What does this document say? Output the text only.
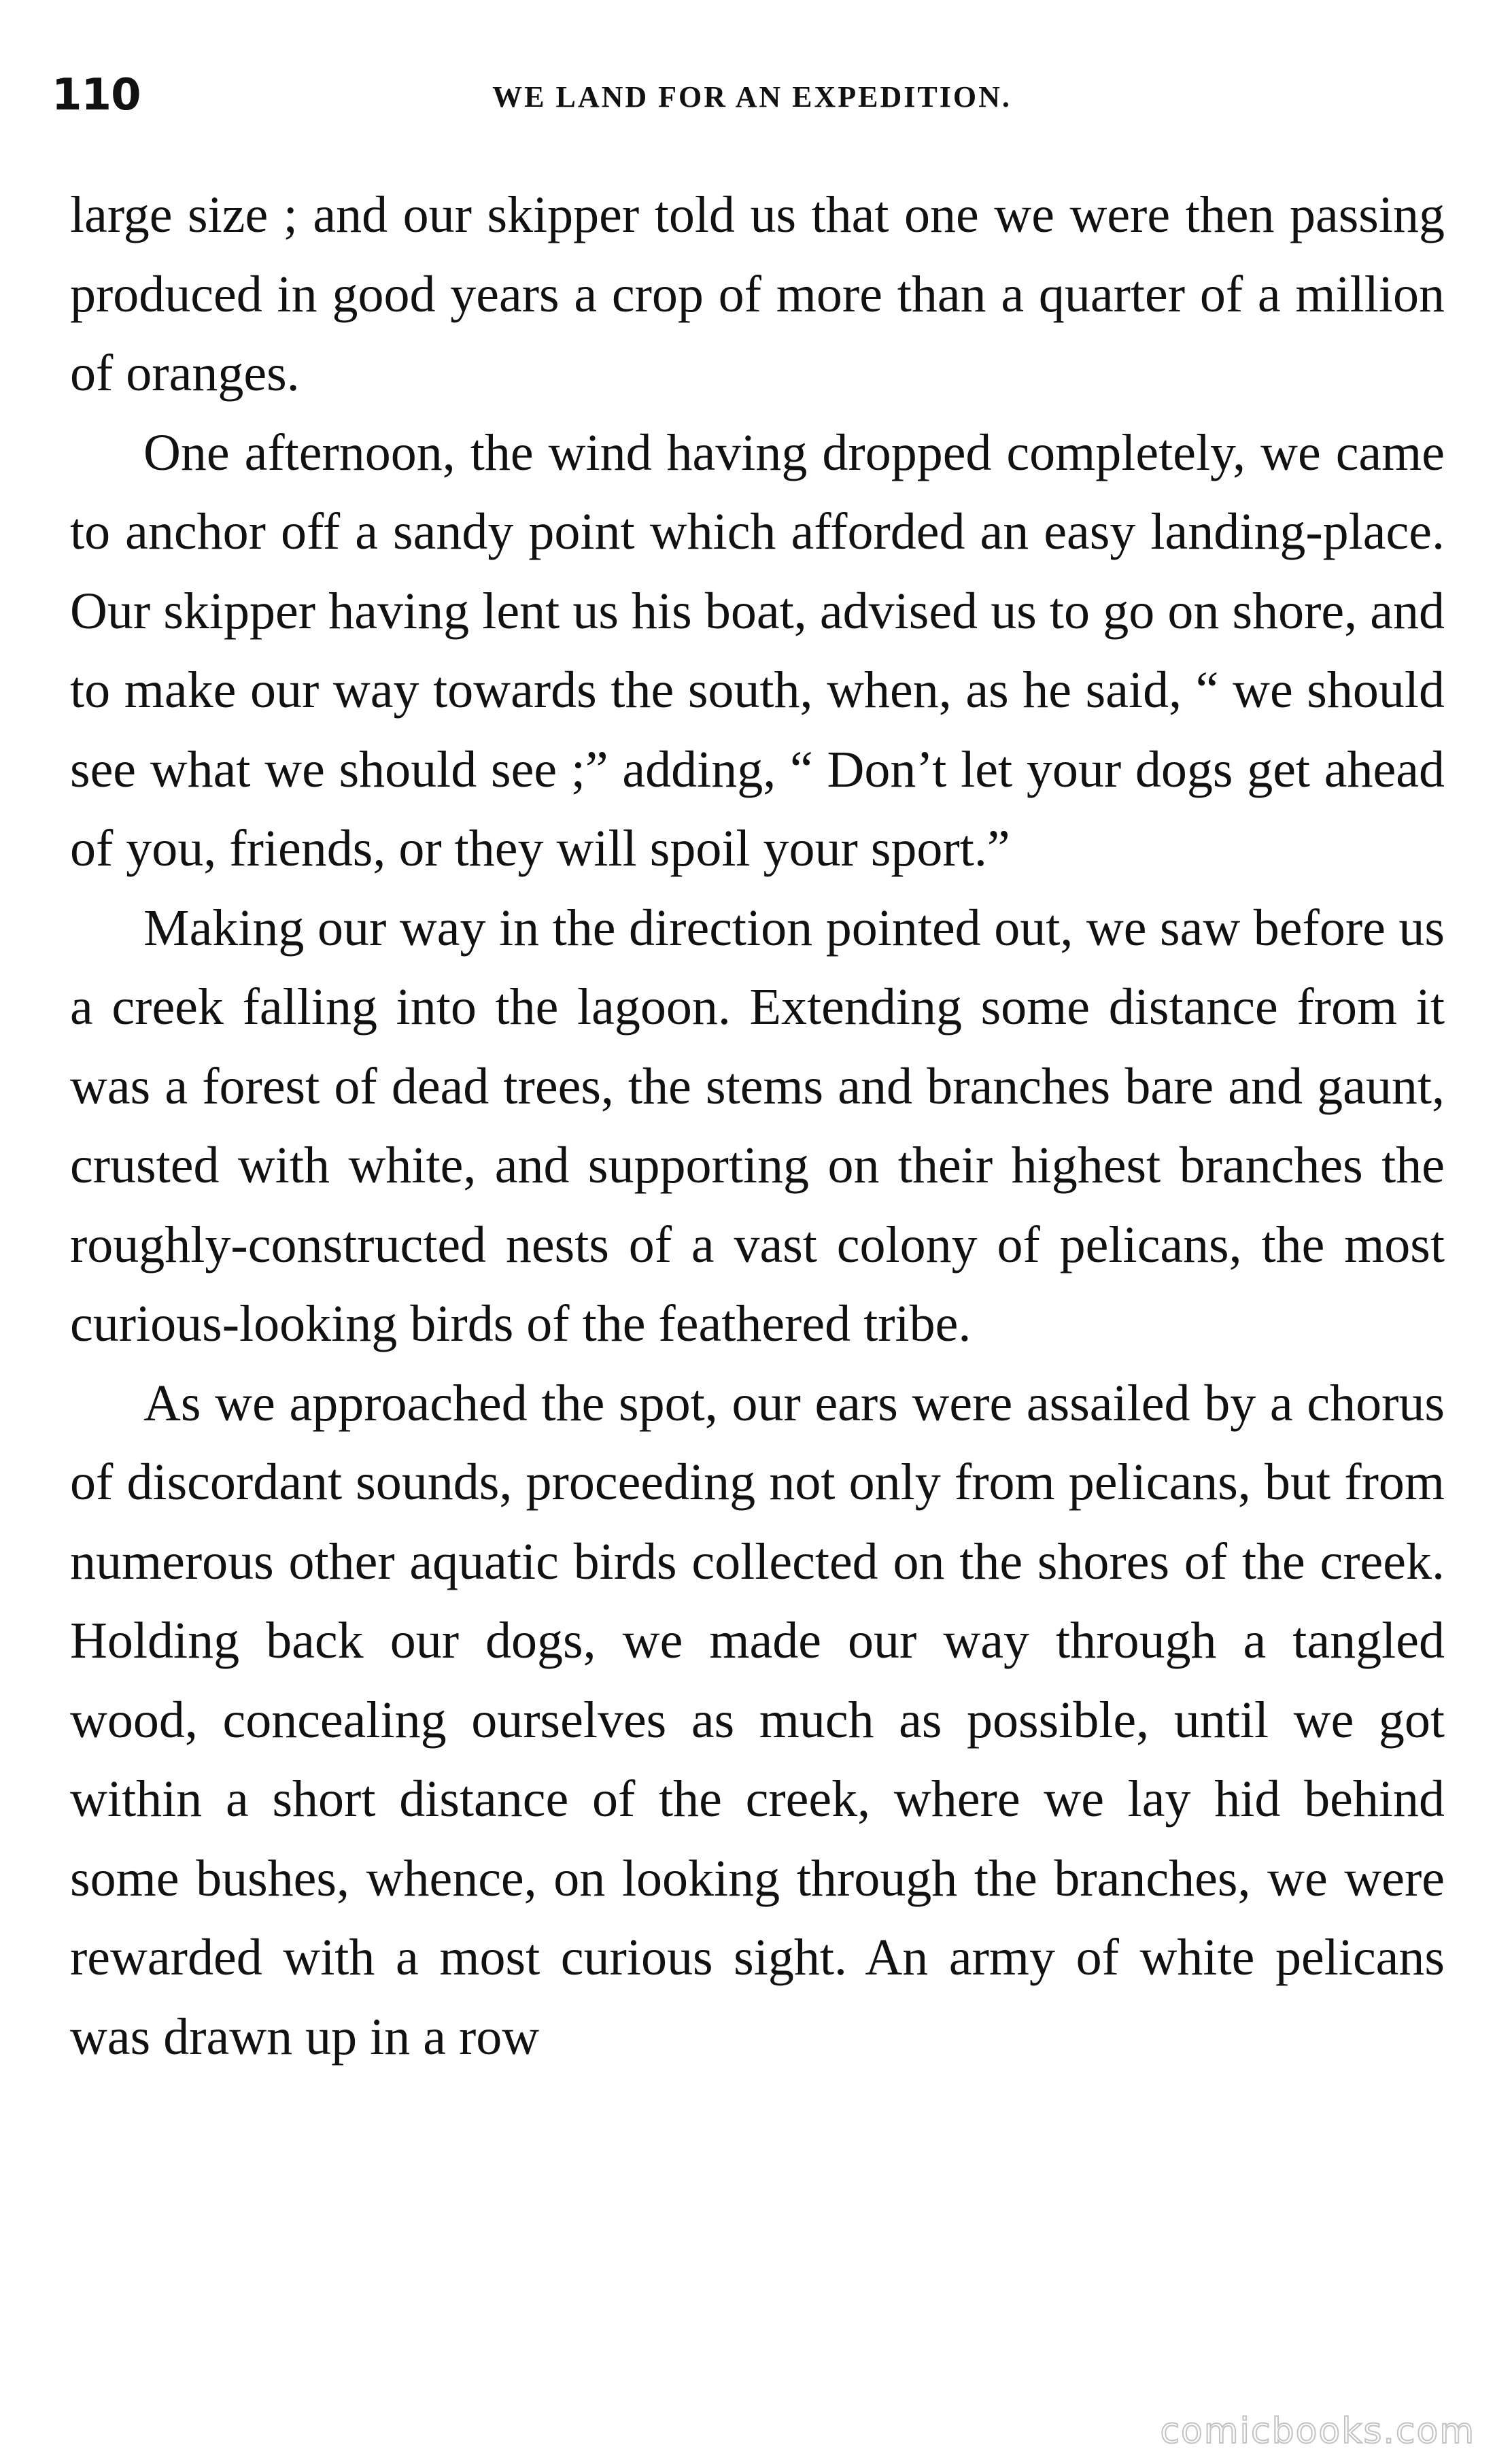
110	WE LAND FOR AN EXPEDITION.

large size ; and our skipper told us that one we were then passing produced in good years a crop of more than a quarter of a million of oranges.

One afternoon, the wind having dropped completely, we came to anchor off a sandy point which afforded an easy landing-place. Our skipper having lent us his boat, advised us to go on shore, and to make our way towards the south, when, as he said, “ we should see what we should see ;” adding, “ Don’t let your dogs get ahead of you, friends, or they will spoil your sport.”

Making our way in the direction pointed out, we saw before us a creek falling into the lagoon. Extending some distance from it was a forest of dead trees, the stems and branches bare and gaunt, crusted with white, and supporting on their highest branches the roughly-constructed nests of a vast colony of pelicans, the most curious-looking birds of the feathered tribe.

As we approached the spot, our ears were assailed by a chorus of discordant sounds, proceeding not only from pelicans, but from numerous other aquatic birds collected on the shores of the creek. Holding back our dogs, we made our way through a tangled wood, concealing ourselves as much as possible, until we got within a short distance of the creek, where we lay hid behind some bushes, whence, on looking through the branches, we were rewarded with a most curious sight. An army of white pelicans was drawn up in a row

comicbooks.com
